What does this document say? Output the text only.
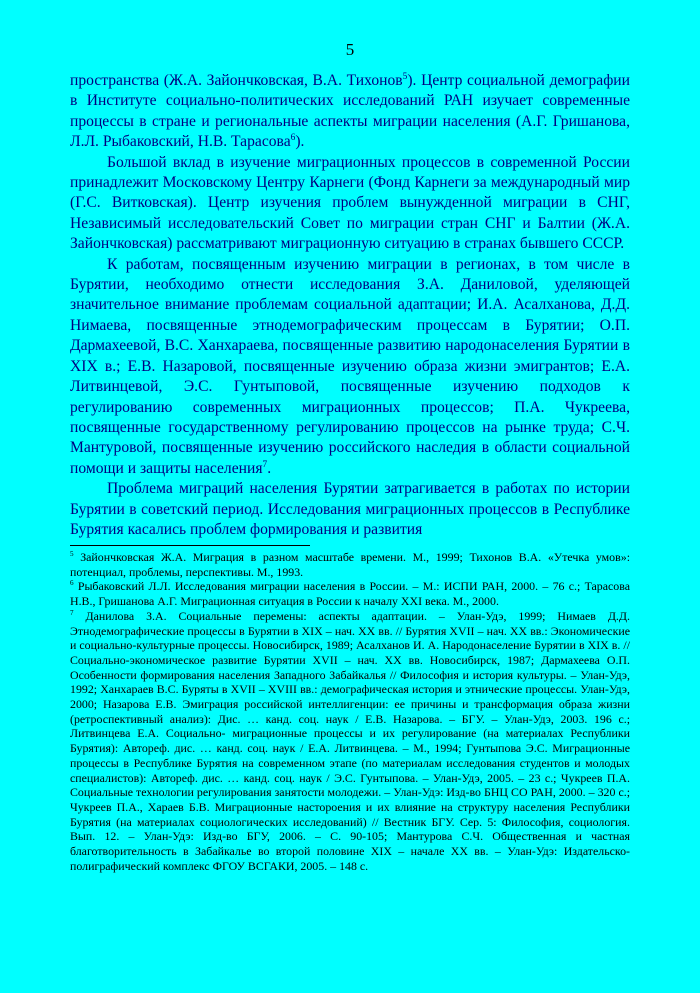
5

пространства (Ж.А. Зайончковская, В.А. Тихонов$^5$). Центр социальной демографии в Институте социально-политических исследований РАН изучает современные процессы в стране и региональные аспекты миграции населения (А.Г. Гришанова, Л.Л. Рыбаковский, Н.В. Тарасова$^6$).

Большой вклад в изучение миграционных процессов в современной России принадлежит Московскому Центру Карнеги (Фонд Карнеги за международный мир (Г.С. Витковская). Центр изучения проблем вынужденной миграции в СНГ, Независимый исследовательский Совет по миграции стран СНГ и Балтии (Ж.А. Зайончковская) рассматривают миграционную ситуацию в странах бывшего СССР.

К работам, посвященным изучению миграции в регионах, в том числе в Бурятии, необходимо отнести исследования З.А. Даниловой, уделяющей значительное внимание проблемам социальной адаптации; И.А. Асалханова, Д.Д. Нимаева, посвященные этнодемографическим процессам в Бурятии; О.П. Дармахеевой, В.С. Ханхараева, посвященные развитию народонаселения Бурятии в XIX в.; Е.В. Назаровой, посвященные изучению образа жизни эмигрантов; Е.А. Литвинцевой, Э.С. Гунтыповой, посвященные изучению подходов к регулированию современных миграционных процессов; П.А. Чукреева, посвященные государственному регулированию процессов на рынке труда; С.Ч. Мантуровой, посвященные изучению российского наследия в области социальной помощи и защиты населения$^7$.

Проблема миграций населения Бурятии затрагивается в работах по истории Бурятии в советский период. Исследования миграционных процессов в Республике Бурятия касались проблем формирования и развития

$^5$ Зайончковская Ж.А. Миграция в разном масштабе времени. М., 1999; Тихонов В.А. «Утечка умов»: потенциал, проблемы, перспективы. М., 1993.

$^6$ Рыбаковский Л.Л. Исследования миграции населения в России. – М.: ИСПИ РАН, 2000. – 76 с.; Тарасова Н.В., Гришанова А.Г. Миграционная ситуация в России к началу XXI века. М., 2000.

$^7$ Данилова З.А. Социальные перемены: аспекты адаптации. – Улан-Удэ, 1999; Нимаев Д.Д. Этнодемографические процессы в Бурятии в XIX – нач. XX вв. // Бурятия XVII – нач. XX вв.: Экономические и социально-культурные процессы. Новосибирск, 1989; Асалханов И. А. Народонаселение Бурятии в XIX в. // Социально-экономическое развитие Бурятии XVII – нач. XX вв. Новосибирск, 1987; Дармахеева О.П. Особенности формирования населения Западного Забайкалья // Философия и история культуры. – Улан-Удэ, 1992; Ханхараев В.С. Буряты в XVII – XVIII вв.: демографическая история и этнические процессы. Улан-Удэ, 2000; Назарова Е.В. Эмиграция российской интеллигенции: ее причины и трансформация образа жизни (ретроспективный анализ): Дис. … канд. соц. наук / Е.В. Назарова. – БГУ. – Улан-Удэ, 2003. 196 с.; Литвинцева Е.А. Социально- миграционные процессы и их регулирование (на материалах Республики Бурятия): Автореф. дис. … канд. соц. наук / Е.А. Литвинцева. – М., 1994; Гунтыпова Э.С. Миграционные процессы в Республике Бурятия на современном этапе (по материалам исследования студентов и молодых специалистов): Автореф. дис. … канд. соц. наук / Э.С. Гунтыпова. – Улан-Удэ, 2005. – 23 с.; Чукреев П.А. Социальные технологии регулирования занятости молодежи. – Улан-Удэ: Изд-во БНЦ СО РАН, 2000. – 320 с.; Чукреев П.А., Хараев Б.В. Миграционные настороения и их влияние на структуру населения Республики Бурятия (на материалах социологических исследований) // Вестник БГУ. Сер. 5: Философия, социология. Вып. 12. – Улан-Удэ: Изд-во БГУ, 2006. – С. 90-105; Мантурова С.Ч. Общественная и частная благотворительность в Забайкалье во второй половине XIX – начале XX вв. – Улан-Удэ: Издательско-полиграфический комплекс ФГОУ ВСГАКИ, 2005. – 148 с.
